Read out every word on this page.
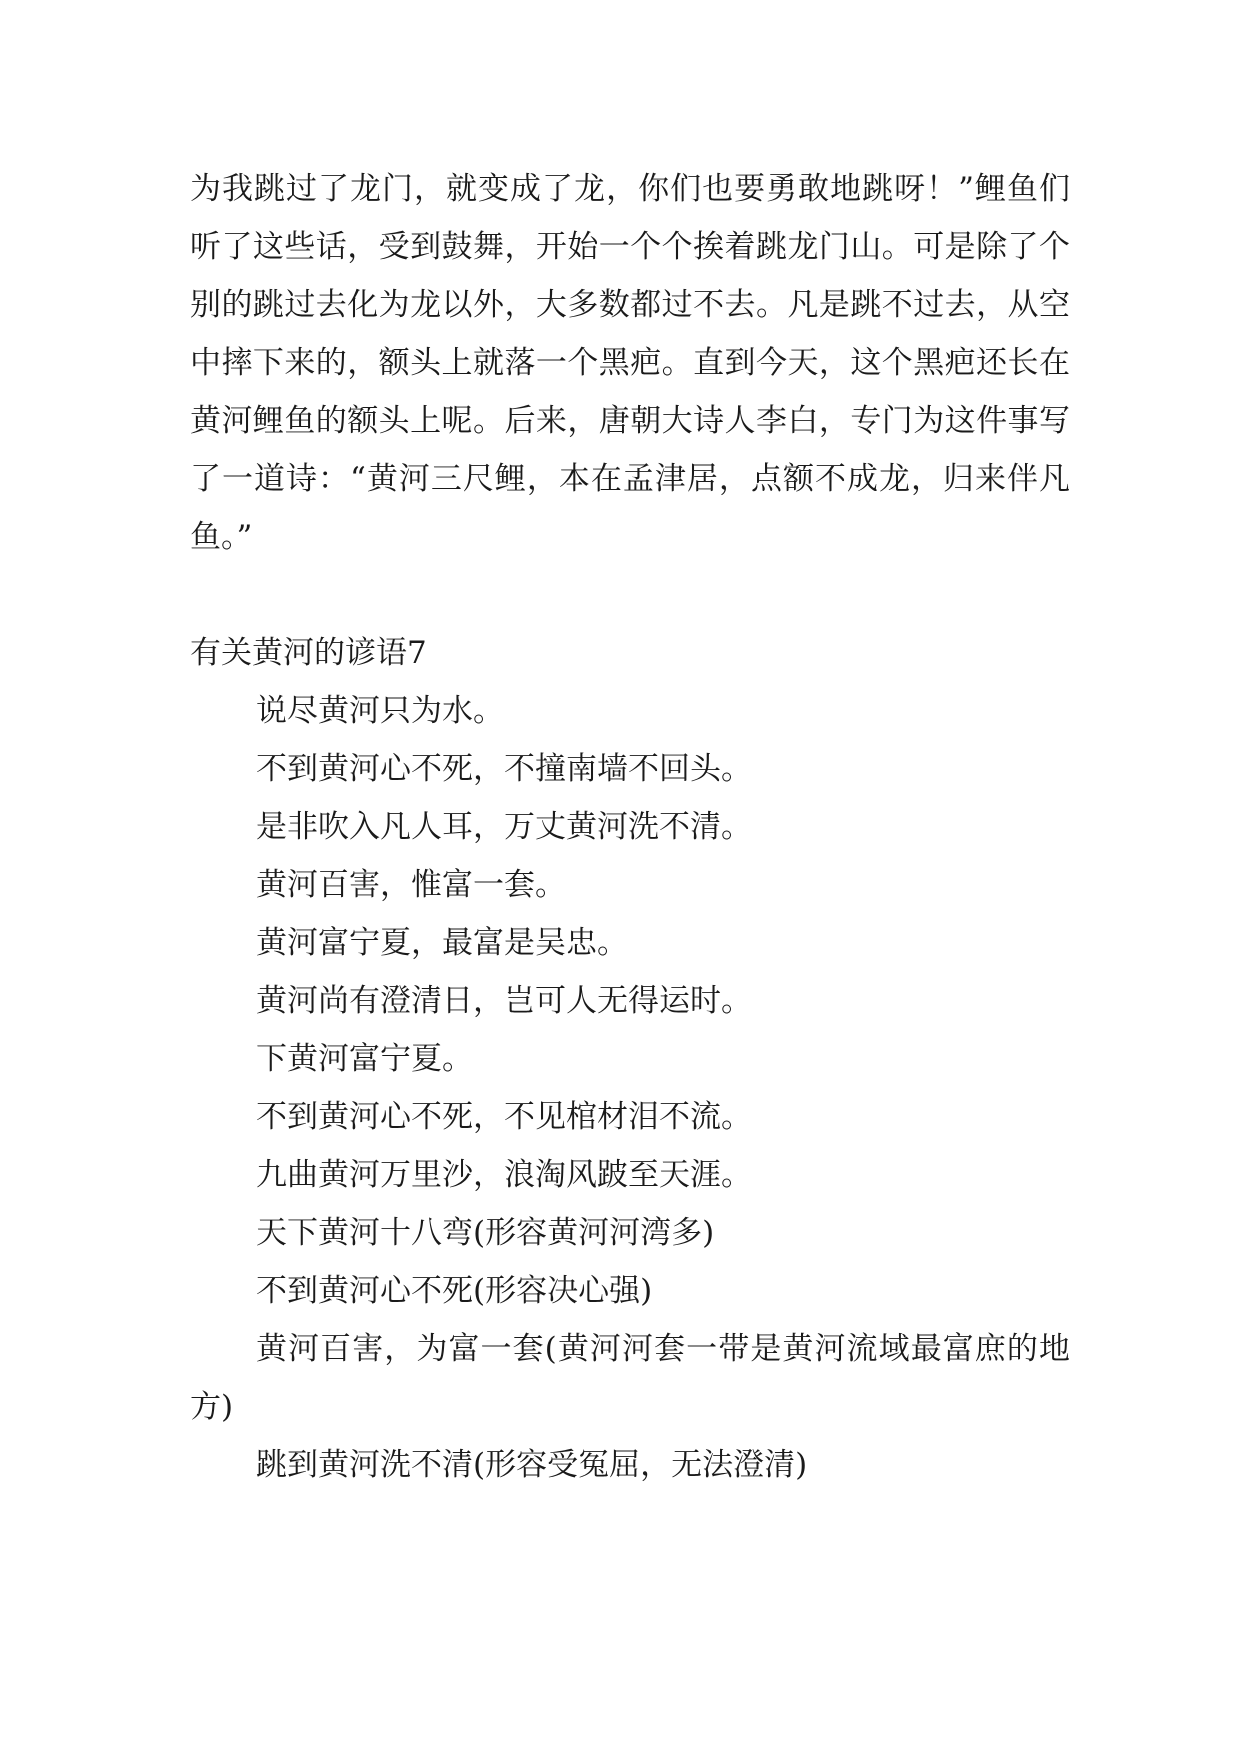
为我跳过了龙门，就变成了龙，你们也要勇敢地跳呀！”鲤鱼们听了这些话，受到鼓舞，开始一个个挨着跳龙门山。可是除了个别的跳过去化为龙以外，大多数都过不去。凡是跳不过去，从空中摔下来的，额头上就落一个黑疤。直到今天，这个黑疤还长在黄河鲤鱼的额头上呢。后来，唐朝大诗人李白，专门为这件事写了一道诗：“黄河三尺鲤，本在孟津居，点额不成龙，归来伴凡鱼。”

有关黄河的谚语7

说尽黄河只为水。

不到黄河心不死，不撞南墙不回头。

是非吹入凡人耳，万丈黄河洗不清。

黄河百害，惟富一套。

黄河富宁夏，最富是吴忠。

黄河尚有澄清日，岂可人无得运时。

下黄河富宁夏。

不到黄河心不死，不见棺材泪不流。

九曲黄河万里沙，浪淘风跛至天涯。

天下黄河十八弯(形容黄河河湾多)

不到黄河心不死(形容决心强)

黄河百害，为富一套(黄河河套一带是黄河流域最富庶的地方)

跳到黄河洗不清(形容受冤屈，无法澄清)
